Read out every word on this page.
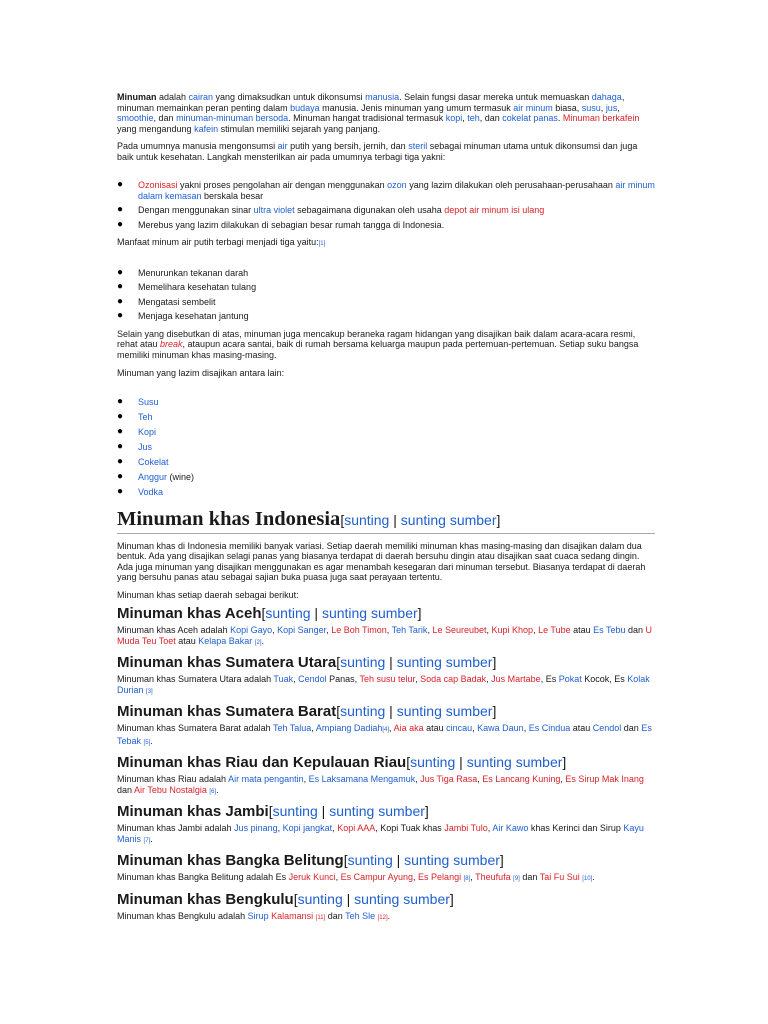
Minuman adalah cairan yang dimaksudkan untuk dikonsumsi manusia. Selain fungsi dasar mereka untuk memuaskan dahaga, minuman memainkan peran penting dalam budaya manusia. Jenis minuman yang umum termasuk air minum biasa, susu, jus, smoothie, dan minuman-minuman bersoda. Minuman hangat tradisional termasuk kopi, teh, dan cokelat panas. Minuman berkafein yang mengandung kafein stimulan memiliki sejarah yang panjang.

Pada umumnya manusia mengonsumsi air putih yang bersih, jernih, dan steril sebagai minuman utama untuk dikonsumsi dan juga baik untuk kesehatan. Langkah mensterilkan air pada umumnya terbagi tiga yakni:

● Ozonisasi yakni proses pengolahan air dengan menggunakan ozon yang lazim dilakukan oleh perusahaan-perusahaan air minum dalam kemasan berskala besar
● Dengan menggunakan sinar ultra violet sebagaimana digunakan oleh usaha depot air minum isi ulang
● Merebus yang lazim dilakukan di sebagian besar rumah tangga di Indonesia.

Manfaat minum air putih terbagi menjadi tiga yaitu:[1]

● Menurunkan tekanan darah
● Memelihara kesehatan tulang
● Mengatasi sembelit
● Menjaga kesehatan jantung

Selain yang disebutkan di atas, minuman juga mencakup beraneka ragam hidangan yang disajikan baik dalam acara-acara resmi, rehat atau break, ataupun acara santai, baik di rumah bersama keluarga maupun pada pertemuan-pertemuan. Setiap suku bangsa memiliki minuman khas masing-masing.

Minuman yang lazim disajikan antara lain:

● Susu
● Teh
● Kopi
● Jus
● Cokelat
● Anggur (wine)
● Vodka
Minuman khas Indonesia[sunting | sunting sumber]

Minuman khas di Indonesia memiliki banyak variasi. Setiap daerah memiliki minuman khas masing-masing dan disajikan dalam dua bentuk. Ada yang disajikan selagi panas yang biasanya terdapat di daerah bersuhu dingin atau disajikan saat cuaca sedang dingin. Ada juga minuman yang disajikan menggunakan es agar menambah kesegaran dari minuman tersebut. Biasanya terdapat di daerah yang bersuhu panas atau sebagai sajian buka puasa juga saat perayaan tertentu.

Minuman khas setiap daerah sebagai berikut:

Minuman khas Aceh[sunting | sunting sumber]

Minuman khas Aceh adalah Kopi Gayo, Kopi Sanger, Le Boh Timon, Teh Tarik, Le Seureubet, Kupi Khop, Le Tube atau Es Tebu dan U Muda Teu Toet atau Kelapa Bakar [2].

Minuman khas Sumatera Utara[sunting | sunting sumber]

Minuman khas Sumatera Utara adalah Tuak, Cendol Panas, Teh susu telur, Soda cap Badak, Jus Martabe, Es Pokat Kocok, Es Kolak Durian [3]

Minuman khas Sumatera Barat[sunting | sunting sumber]

Minuman khas Sumatera Barat adalah Teh Talua, Ampiang Dadiah[4], Aia aka atau cincau, Kawa Daun, Es Cindua atau Cendol dan Es Tebak [5].

Minuman khas Riau dan Kepulauan Riau[sunting | sunting sumber]

Minuman khas Riau adalah Air mata pengantin, Es Laksamana Mengamuk, Jus Tiga Rasa, Es Lancang Kuning, Es Sirup Mak Inang dan Air Tebu Nostalgia [6].

Minuman khas Jambi[sunting | sunting sumber]

Minuman khas Jambi adalah Jus pinang, Kopi jangkat, Kopi AAA, Kopi Tuak khas Jambi Tulo, Air Kawo khas Kerinci dan Sirup Kayu Manis [7].

Minuman khas Bangka Belitung[sunting | sunting sumber]

Minuman khas Bangka Belitung adalah Es Jeruk Kunci, Es Campur Ayung, Es Pelangi [8], Theufufa [9] dan Tai Fu Sui [10].

Minuman khas Bengkulu[sunting | sunting sumber]

Minuman khas Bengkulu adalah Sirup Kalamansi [11] dan Teh Sle [12].
